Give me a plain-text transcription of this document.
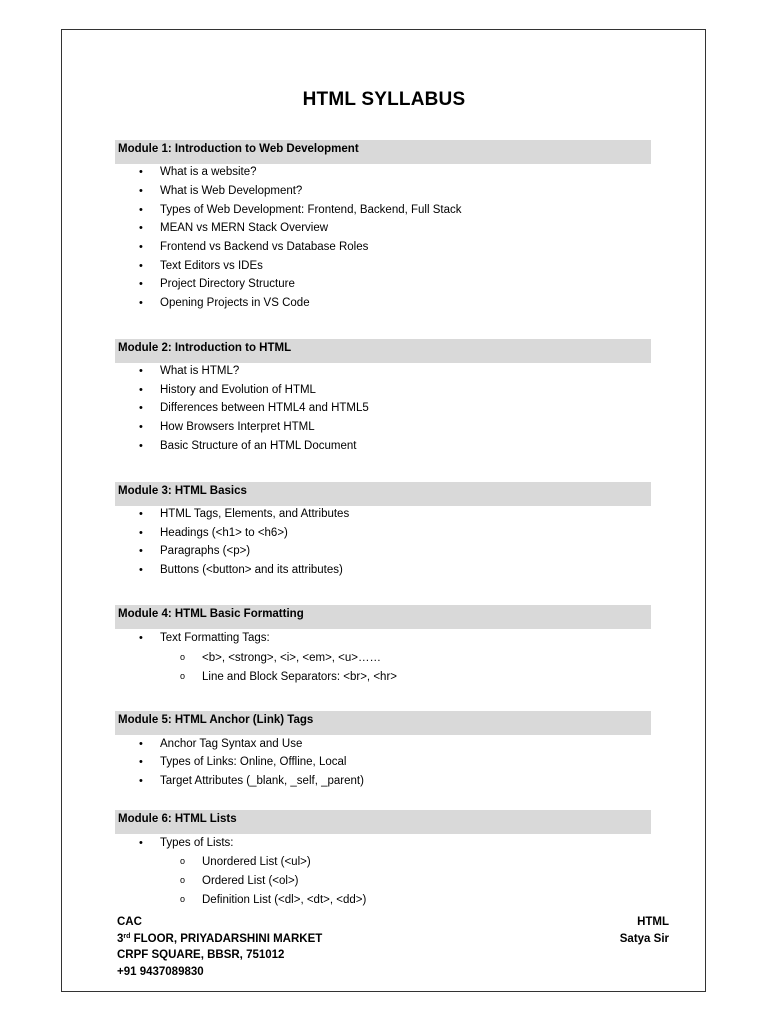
HTML SYLLABUS
Module 1: Introduction to Web Development
• What is a website?
• What is Web Development?
• Types of Web Development: Frontend, Backend, Full Stack
• MEAN vs MERN Stack Overview
• Frontend vs Backend vs Database Roles
• Text Editors vs IDEs
• Project Directory Structure
• Opening Projects in VS Code
Module 2: Introduction to HTML
• What is HTML?
• History and Evolution of HTML
• Differences between HTML4 and HTML5
• How Browsers Interpret HTML
• Basic Structure of an HTML Document
Module 3: HTML Basics
• HTML Tags, Elements, and Attributes
• Headings (<h1> to <h6>)
• Paragraphs (<p>)
• Buttons (<button> and its attributes)
Module 4: HTML Basic Formatting
• Text Formatting Tags:
o <b>, <strong>, <i>, <em>, <u>……
o Line and Block Separators: <br>, <hr>
Module 5: HTML Anchor (Link) Tags
• Anchor Tag Syntax and Use
• Types of Links: Online, Offline, Local
• Target Attributes (_blank, _self, _parent)
Module 6: HTML Lists
• Types of Lists:
o Unordered List (<ul>)
o Ordered List (<ol>)
o Definition List (<dl>, <dt>, <dd>)
CAC
3rd FLOOR, PRIYADARSHINI MARKET
CRPF SQUARE, BBSR, 751012
+91 9437089830
HTML
Satya Sir
